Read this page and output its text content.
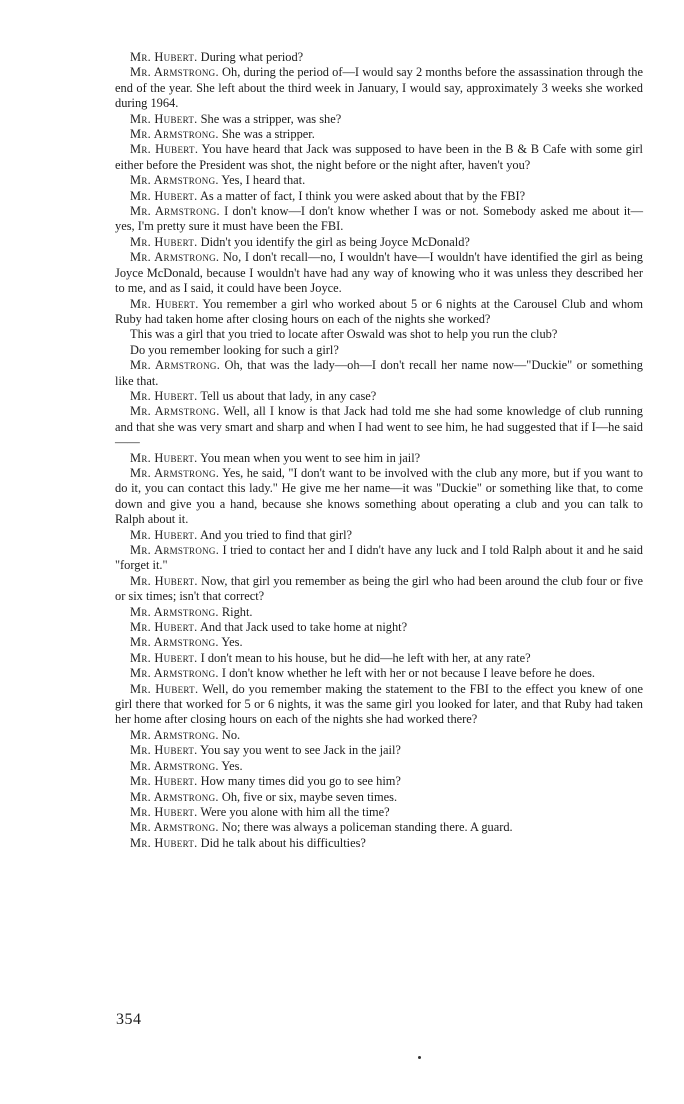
Mr. Hubert. During what period?

Mr. Armstrong. Oh, during the period of—I would say 2 months before the assassination through the end of the year. She left about the third week in January, I would say, approximately 3 weeks she worked during 1964.

Mr. Hubert. She was a stripper, was she?

Mr. Armstrong. She was a stripper.

Mr. Hubert. You have heard that Jack was supposed to have been in the B & B Cafe with some girl either before the President was shot, the night before or the night after, haven't you?

Mr. Armstrong. Yes, I heard that.

Mr. Hubert. As a matter of fact, I think you were asked about that by the FBI?

Mr. Armstrong. I don't know—I don't know whether I was or not. Somebody asked me about it—yes, I'm pretty sure it must have been the FBI.

Mr. Hubert. Didn't you identify the girl as being Joyce McDonald?

Mr. Armstrong. No, I don't recall—no, I wouldn't have—I wouldn't have identified the girl as being Joyce McDonald, because I wouldn't have had any way of knowing who it was unless they described her to me, and as I said, it could have been Joyce.

Mr. Hubert. You remember a girl who worked about 5 or 6 nights at the Carousel Club and whom Ruby had taken home after closing hours on each of the nights she worked?

This was a girl that you tried to locate after Oswald was shot to help you run the club?

Do you remember looking for such a girl?

Mr. Armstrong. Oh, that was the lady—oh—I don't recall her name now—"Duckie" or something like that.

Mr. Hubert. Tell us about that lady, in any case?

Mr. Armstrong. Well, all I know is that Jack had told me she had some knowledge of club running and that she was very smart and sharp and when I had went to see him, he had suggested that if I—he said——

Mr. Hubert. You mean when you went to see him in jail?

Mr. Armstrong. Yes, he said, "I don't want to be involved with the club any more, but if you want to do it, you can contact this lady." He give me her name—it was "Duckie" or something like that, to come down and give you a hand, because she knows something about operating a club and you can talk to Ralph about it.

Mr. Hubert. And you tried to find that girl?

Mr. Armstrong. I tried to contact her and I didn't have any luck and I told Ralph about it and he said "forget it."

Mr. Hubert. Now, that girl you remember as being the girl who had been around the club four or five or six times; isn't that correct?

Mr. Armstrong. Right.

Mr. Hubert. And that Jack used to take home at night?

Mr. Armstrong. Yes.

Mr. Hubert. I don't mean to his house, but he did—he left with her, at any rate?

Mr. Armstrong. I don't know whether he left with her or not because I leave before he does.

Mr. Hubert. Well, do you remember making the statement to the FBI to the effect you knew of one girl there that worked for 5 or 6 nights, it was the same girl you looked for later, and that Ruby had taken her home after closing hours on each of the nights she had worked there?

Mr. Armstrong. No.

Mr. Hubert. You say you went to see Jack in the jail?

Mr. Armstrong. Yes.

Mr. Hubert. How many times did you go to see him?

Mr. Armstrong. Oh, five or six, maybe seven times.

Mr. Hubert. Were you alone with him all the time?

Mr. Armstrong. No; there was always a policeman standing there. A guard.

Mr. Hubert. Did he talk about his difficulties?

354
